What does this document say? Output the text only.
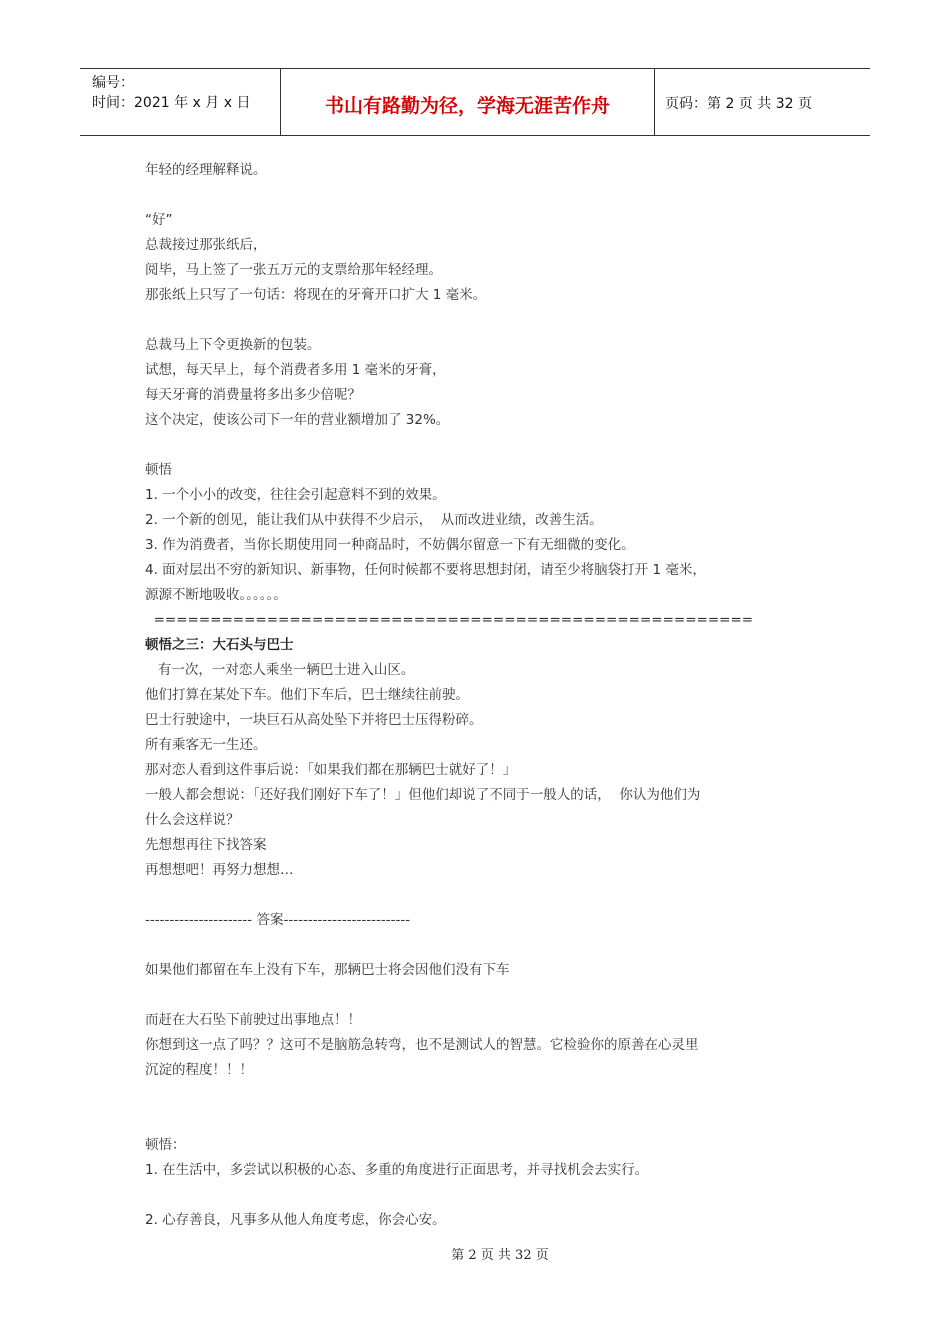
编号：
时间：2021 年 x 月 x 日	书山有路勤为径，学海无涯苦作舟	页码：第 2 页 共 32 页
年轻的经理解释说。
“好”
总裁接过那张纸后，
阅毕，马上签了一张五万元的支票给那年轻经理。
那张纸上只写了一句话：将现在的牙膏开口扩大 1 毫米。
总裁马上下令更换新的包装。
试想，每天早上，每个消费者多用 1 毫米的牙膏，
每天牙膏的消费量将多出多少倍呢？
这个决定，使该公司下一年的营业额增加了 32%。
顿悟
1. 一个小小的改变，往往会引起意料不到的效果。
2. 一个新的创见，能让我们从中获得不少启示，  从而改进业绩，改善生活。
3. 作为消费者，当你长期使用同一种商品时，不妨偶尔留意一下有无细微的变化。
4. 面对层出不穷的新知识、新事物，任何时候都不要将思想封闭，请至少将脑袋打开 1 毫米，
源源不断地吸收。。。。。。
=====================================================
顿悟之三：大石头与巴士
有一次，一对恋人乘坐一辆巴士进入山区。
他们打算在某处下车。他们下车后，巴士继续往前驶。
巴士行驶途中，一块巨石从高处坠下并将巴士压得粉碎。
所有乘客无一生还。
那对恋人看到这件事后说：「如果我们都在那辆巴士就好了！」
一般人都会想说：「还好我们刚好下车了！」但他们却说了不同于一般人的话，  你认为他们为
什么会这样说？
先想想再往下找答案
再想想吧！再努力想想…
---------------------- 答案--------------------------
如果他们都留在车上没有下车，那辆巴士将会因他们没有下车
而赶在大石坠下前驶过出事地点！！
你想到这一点了吗？？这可不是脑筋急转弯，也不是测试人的智慧。它检验你的原善在心灵里
沉淀的程度！！！
顿悟：
1. 在生活中，多尝试以积极的心态、多重的角度进行正面思考，并寻找机会去实行。
2. 心存善良，凡事多从他人角度考虑，你会心安。
第 2 页 共 32 页
